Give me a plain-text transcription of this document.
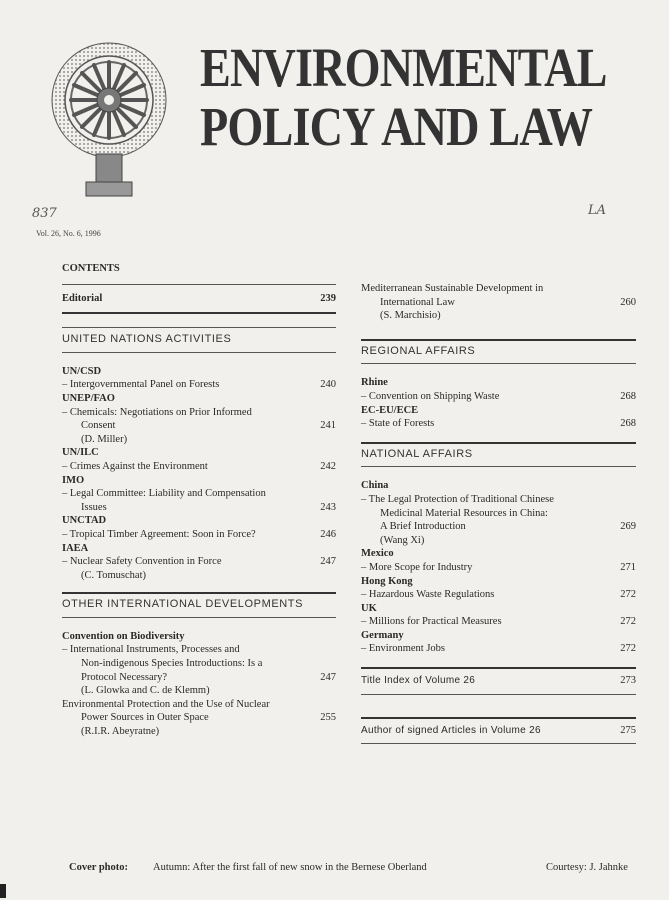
ENVIRONMENTAL
POLICY AND LAW
837	LA
Vol. 26, No. 6, 1996
CONTENTS
Editorial	239
UNITED NATIONS ACTIVITIES
UN/CSD
– Intergovernmental Panel on Forests	240
UNEP/FAO
– Chemicals: Negotiations on Prior Informed
Consent	241
(D. Miller)
UN/ILC
– Crimes Against the Environment	242
IMO
– Legal Committee: Liability and Compensation
Issues	243
UNCTAD
– Tropical Timber Agreement: Soon in Force?	246
IAEA
– Nuclear Safety Convention in Force	247
(C. Tomuschat)
OTHER INTERNATIONAL DEVELOPMENTS
Convention on Biodiversity
– International Instruments, Processes and
Non-indigenous Species Introductions: Is a
Protocol Necessary?	247
(L. Glowka and C. de Klemm)
Environmental Protection and the Use of Nuclear
Power Sources in Outer Space	255
(R.I.R. Abeyratne)
Mediterranean Sustainable Development in
International Law	260
(S. Marchisio)
REGIONAL AFFAIRS
Rhine
– Convention on Shipping Waste	268
EC-EU/ECE
– State of Forests	268
NATIONAL AFFAIRS
China
– The Legal Protection of Traditional Chinese
Medicinal Material Resources in China:
A Brief Introduction	269
(Wang Xi)
Mexico
– More Scope for Industry	271
Hong Kong
– Hazardous Waste Regulations	272
UK
– Millions for Practical Measures	272
Germany
– Environment Jobs	272
Title Index of Volume 26	273
Author of signed Articles in Volume 26	275
Cover photo: Autumn: After the first fall of new snow in the Bernese Oberland	Courtesy: J. Jahnke
